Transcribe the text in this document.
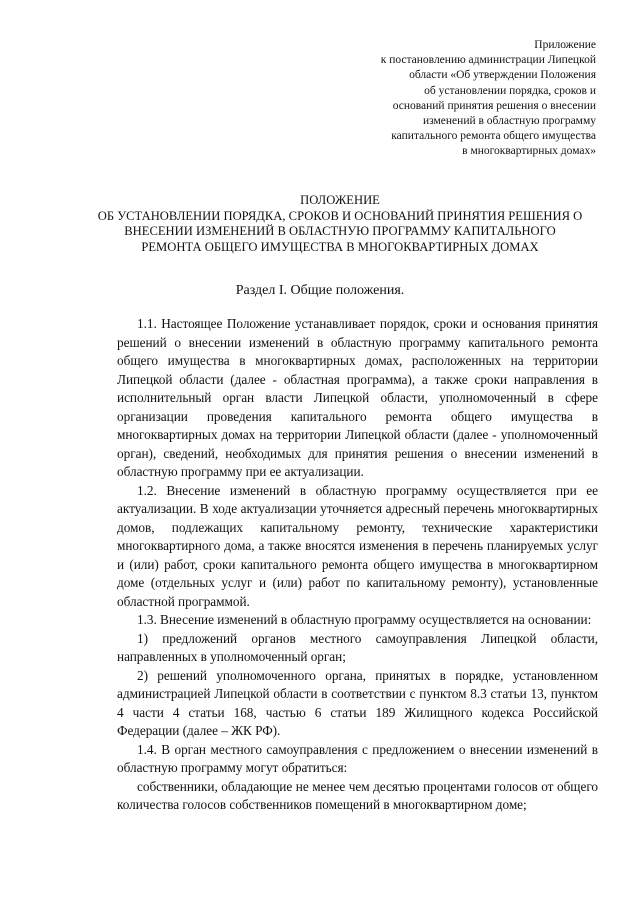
Приложение
к постановлению администрации Липецкой
области «Об утверждении Положения
об установлении порядка, сроков и
оснований принятия решения о внесении
изменений в областную программу
капитального ремонта общего имущества
в многоквартирных домах»
ПОЛОЖЕНИЕ
ОБ УСТАНОВЛЕНИИ ПОРЯДКА, СРОКОВ И ОСНОВАНИЙ ПРИНЯТИЯ РЕШЕНИЯ О
ВНЕСЕНИИ ИЗМЕНЕНИЙ В ОБЛАСТНУЮ ПРОГРАММУ КАПИТАЛЬНОГО
РЕМОНТА ОБЩЕГО ИМУЩЕСТВА В МНОГОКВАРТИРНЫХ ДОМАХ
Раздел I. Общие положения.

1.1. Настоящее Положение устанавливает порядок, сроки и основания принятия решений о внесении изменений в областную программу капитального ремонта общего имущества в многоквартирных домах, расположенных на территории Липецкой области (далее - областная программа), а также сроки направления в исполнительный орган власти Липецкой области, уполномоченный в сфере организации проведения капитального ремонта общего имущества в многоквартирных домах на территории Липецкой области (далее - уполномоченный орган), сведений, необходимых для принятия решения о внесении изменений в областную программу при ее актуализации.

1.2. Внесение изменений в областную программу осуществляется при ее актуализации. В ходе актуализации уточняется адресный перечень многоквартирных домов, подлежащих капитальному ремонту, технические характеристики многоквартирного дома, а также вносятся изменения в перечень планируемых услуг и (или) работ, сроки капитального ремонта общего имущества в многоквартирном доме (отдельных услуг и (или) работ по капитальному ремонту), установленные областной программой.

1.3. Внесение изменений в областную программу осуществляется на основании:

1) предложений органов местного самоуправления Липецкой области, направленных в уполномоченный орган;

2) решений уполномоченного органа, принятых в порядке, установленном администрацией Липецкой области в соответствии с пунктом 8.3 статьи 13, пунктом 4 части 4 статьи 168, частью 6 статьи 189 Жилищного кодекса Российской Федерации (далее – ЖК РФ).

1.4. В орган местного самоуправления с предложением о внесении изменений в областную программу могут обратиться:

собственники, обладающие не менее чем десятью процентами голосов от общего количества голосов собственников помещений в многоквартирном доме;
